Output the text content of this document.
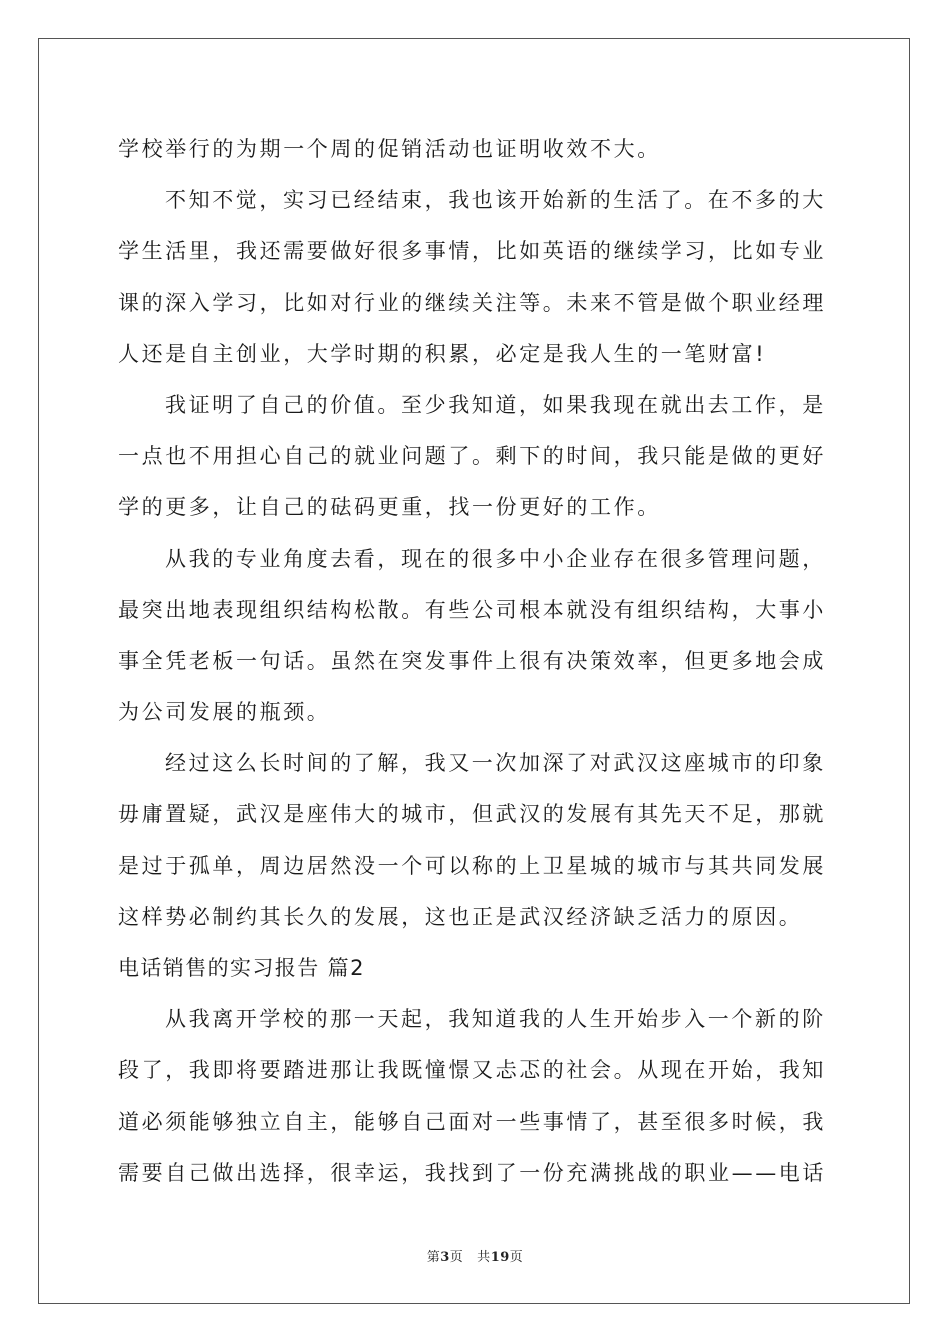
学校举行的为期一个周的促销活动也证明收效不大。
不知不觉，实习已经结束，我也该开始新的生活了。在不多的大
学生活里，我还需要做好很多事情，比如英语的继续学习，比如专业
课的深入学习，比如对行业的继续关注等。未来不管是做个职业经理
人还是自主创业，大学时期的积累，必定是我人生的一笔财富!
我证明了自己的价值。至少我知道，如果我现在就出去工作，是
一点也不用担心自己的就业问题了。剩下的时间，我只能是做的更好
学的更多，让自己的砝码更重，找一份更好的工作。
从我的专业角度去看，现在的很多中小企业存在很多管理问题，
最突出地表现组织结构松散。有些公司根本就没有组织结构，大事小
事全凭老板一句话。虽然在突发事件上很有决策效率，但更多地会成
为公司发展的瓶颈。
经过这么长时间的了解，我又一次加深了对武汉这座城市的印象
毋庸置疑，武汉是座伟大的城市，但武汉的发展有其先天不足，那就
是过于孤单，周边居然没一个可以称的上卫星城的城市与其共同发展
这样势必制约其长久的发展，这也正是武汉经济缺乏活力的原因。
电话销售的实习报告 篇2
从我离开学校的那一天起，我知道我的人生开始步入一个新的阶
段了，我即将要踏进那让我既憧憬又忐忑的社会。从现在开始，我知
道必须能够独立自主，能够自己面对一些事情了，甚至很多时候，我
需要自己做出选择，很幸运，我找到了一份充满挑战的职业——电话
第3页 共19页
